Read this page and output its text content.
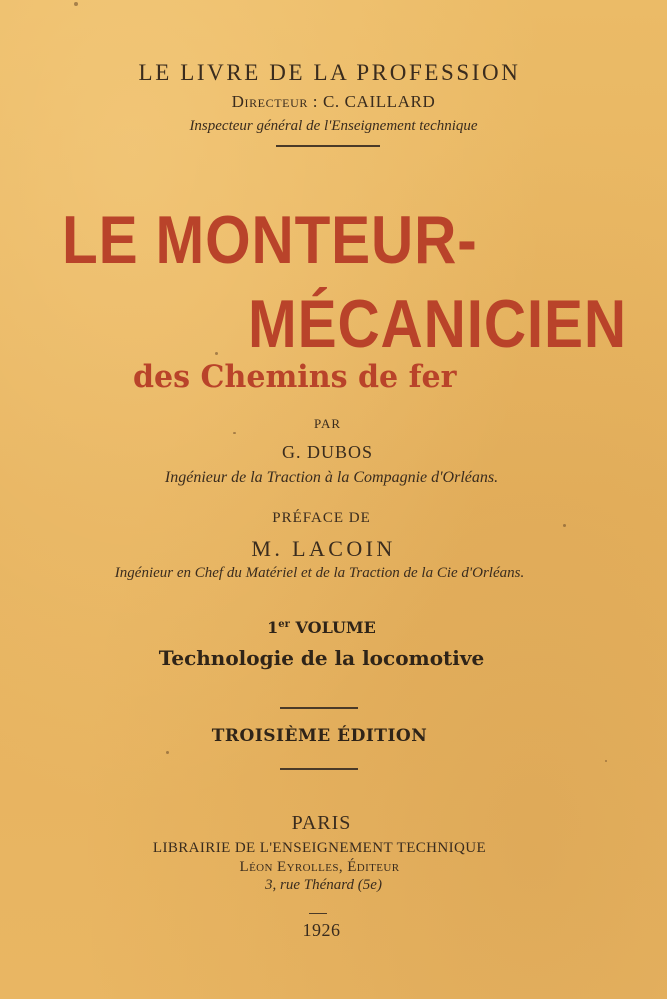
LE LIVRE DE LA PROFESSION

Directeur : C. CAILLARD

Inspecteur général de l'Enseignement technique

LE MONTEUR-
MÉCANICIEN
des Chemins de fer

PAR

G. DUBOS

Ingénieur de la Traction à la Compagnie d'Orléans.

PRÉFACE DE

M. LACOIN

Ingénieur en Chef du Matériel et de la Traction de la Cie d'Orléans.

1er VOLUME

Technologie de la locomotive

TROISIÈME ÉDITION

PARIS

LIBRAIRIE DE L'ENSEIGNEMENT TECHNIQUE

Léon Eyrolles, Éditeur

3, rue Thénard (5e)

1926
